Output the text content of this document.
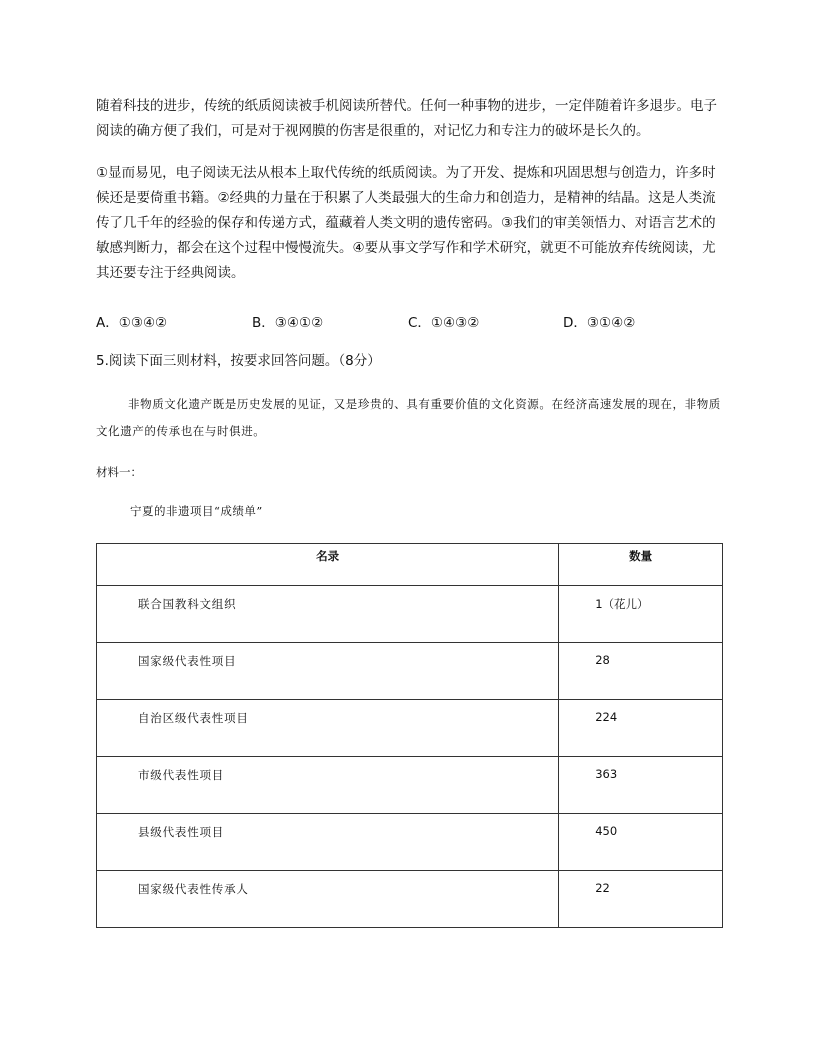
随着科技的进步，传统的纸质阅读被手机阅读所替代。任何一种事物的进步，一定伴随着许多退步。电子阅读的确方便了我们，可是对于视网膜的伤害是很重的，对记忆力和专注力的破坏是长久的。

①显而易见，电子阅读无法从根本上取代传统的纸质阅读。为了开发、提炼和巩固思想与创造力，许多时候还是要倚重书籍。②经典的力量在于积累了人类最强大的生命力和创造力，是精神的结晶。这是人类流传了几千年的经验的保存和传递方式，蕴藏着人类文明的遗传密码。③我们的审美领悟力、对语言艺术的敏感判断力，都会在这个过程中慢慢流失。④要从事文学写作和学术研究，就更不可能放弃传统阅读，尤其还要专注于经典阅读。

A．①③④②	B．③④①②	C．①④③②	D．③①④②
5.阅读下面三则材料，按要求回答问题。（8分）

非物质文化遗产既是历史发展的见证，又是珍贵的、具有重要价值的文化资源。在经济高速发展的现在，非物质文化遗产的传承也在与时俱进。

材料一：
宁夏的非遗项目“成绩单”
名录	数量
联合国教科文组织	1（花儿）
国家级代表性项目	28
自治区级代表性项目	224
市级代表性项目	363
县级代表性项目	450
国家级代表性传承人	22
